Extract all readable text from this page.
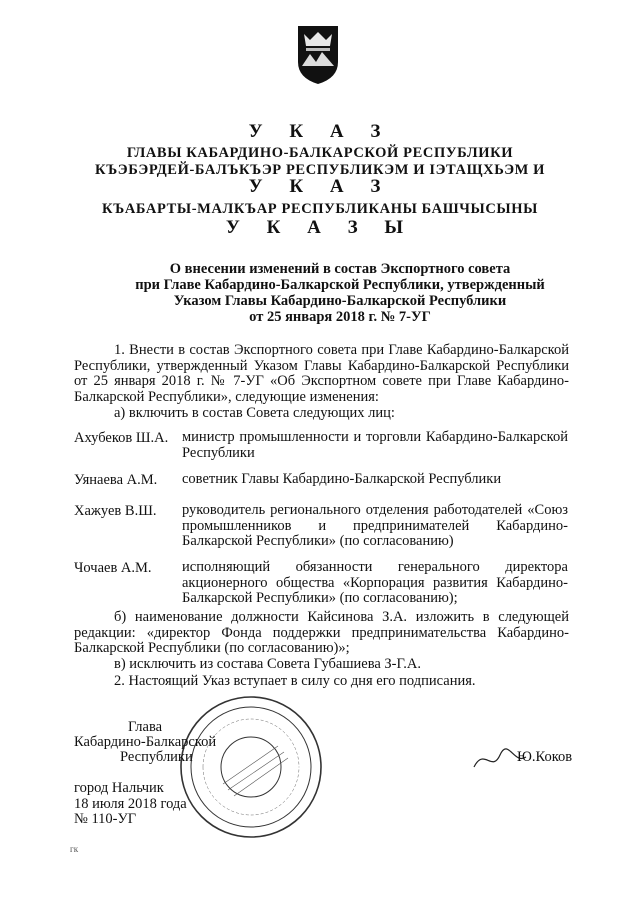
У К А З
ГЛАВЫ КАБАРДИНО-БАЛКАРСКОЙ РЕСПУБЛИКИ
КЪЭБЭРДЕЙ-БАЛЪКЪЭР РЕСПУБЛИКЭМ И ІЭТАЩХЬЭМ И
У К А З
КЪАБАРТЫ-МАЛКЪАР РЕСПУБЛИКАНЫ БАШЧЫСЫНЫ
У К А З Ы
О внесении изменений в состав Экспортного совета
при Главе Кабардино-Балкарской Республики, утвержденный
Указом Главы Кабардино-Балкарской Республики
от 25 января 2018 г. № 7-УГ
1. Внести в состав Экспортного совета при Главе Кабардино-Балкарской Республики, утвержденный Указом Главы Кабардино-Балкарской Республики от 25 января 2018 г. № 7-УГ «Об Экспортном совете при Главе Кабардино-Балкарской Республики», следующие изменения:
а) включить в состав Совета следующих лиц:
Ахубеков Ш.А. министр промышленности и торговли Кабардино-Балкарской Республики
Уянаева А.М. советник Главы Кабардино-Балкарской Республики
Хажуев В.Ш. руководитель регионального отделения работодателей «Союз промышленников и предпринимателей Кабардино-Балкарской Республики» (по согласованию)
Чочаев А.М. исполняющий обязанности генерального директора акционерного общества «Корпорация развития Кабардино-Балкарской Республики» (по согласованию);
б) наименование должности Кайсинова З.А. изложить в следующей редакции: «директор Фонда поддержки предпринимательства Кабардино-Балкарской Республики (по согласованию)»;
в) исключить из состава Совета Губашиева З-Г.А.
2. Настоящий Указ вступает в силу со дня его подписания.
Глава
Кабардино-Балкарской
Республики	Ю.Коков
город Нальчик
18 июля 2018 года
№ 110-УГ
гк
